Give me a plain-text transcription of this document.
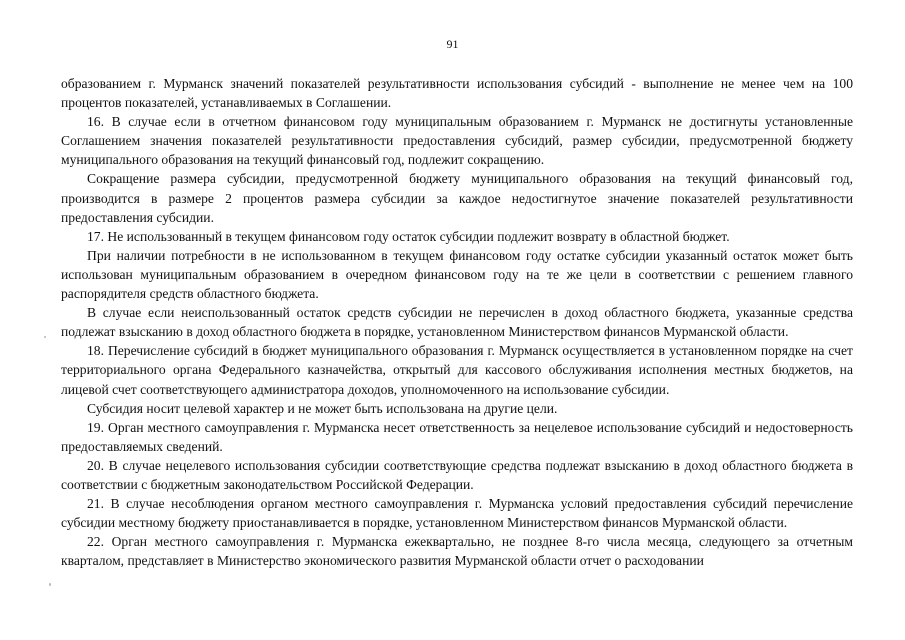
91

образованием г. Мурманск значений показателей результативности использования субсидий - выполнение не менее чем на 100 процентов показателей, устанавливаемых в Соглашении.

16. В случае если в отчетном финансовом году муниципальным образованием г. Мурманск не достигнуты установленные Соглашением значения показателей результативности предоставления субсидий, размер субсидии, предусмотренной бюджету муниципального образования на текущий финансовый год, подлежит сокращению.

Сокращение размера субсидии, предусмотренной бюджету муниципального образования на текущий финансовый год, производится в размере 2 процентов размера субсидии за каждое недостигнутое значение показателей результативности предоставления субсидии.

17. Не использованный в текущем финансовом году остаток субсидии подлежит возврату в областной бюджет.

При наличии потребности в не использованном в текущем финансовом году остатке субсидии указанный остаток может быть использован муниципальным образованием в очередном финансовом году на те же цели в соответствии с решением главного распорядителя средств областного бюджета.

В случае если неиспользованный остаток средств субсидии не перечислен в доход областного бюджета, указанные средства подлежат взысканию в доход областного бюджета в порядке, установленном Министерством финансов Мурманской области.

18. Перечисление субсидий в бюджет муниципального образования г. Мурманск осуществляется в установленном порядке на счет территориального органа Федерального казначейства, открытый для кассового обслуживания исполнения местных бюджетов, на лицевой счет соответствующего администратора доходов, уполномоченного на использование субсидии.

Субсидия носит целевой характер и не может быть использована на другие цели.

19. Орган местного самоуправления г. Мурманска несет ответственность за нецелевое использование субсидий и недостоверность предоставляемых сведений.

20. В случае нецелевого использования субсидии соответствующие средства подлежат взысканию в доход областного бюджета в соответствии с бюджетным законодательством Российской Федерации.

21. В случае несоблюдения органом местного самоуправления г. Мурманска условий предоставления субсидий перечисление субсидии местному бюджету приостанавливается в порядке, установленном Министерством финансов Мурманской области.

22. Орган местного самоуправления г. Мурманска ежеквартально, не позднее 8-го числа месяца, следующего за отчетным кварталом, представляет в Министерство экономического развития Мурманской области отчет о расходовании
